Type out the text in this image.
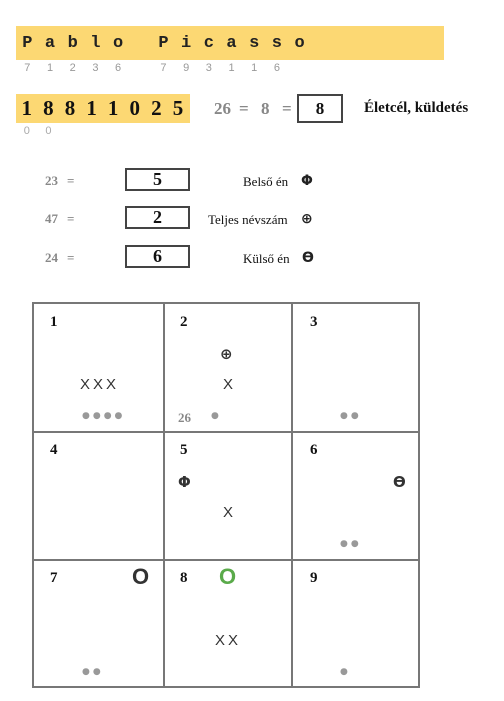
P a b l o	P i c a s s o
7	1	2	3	6	7	9	3	1	1	6
1 8 8 1 1 0 2 5
0	0
26 = 8 =	8	Életcél, küldetés
23 =	5	Belső én Φ
47 =	2	Teljes névszám ⊕
24 =	6	Külső én ϴ
1
XXX
●●●●
2
⊕
X
26 ●
3
●●
4	5
Φ
X
6
ϴ
●●
7	O
●●
8 O
XX
9
●
